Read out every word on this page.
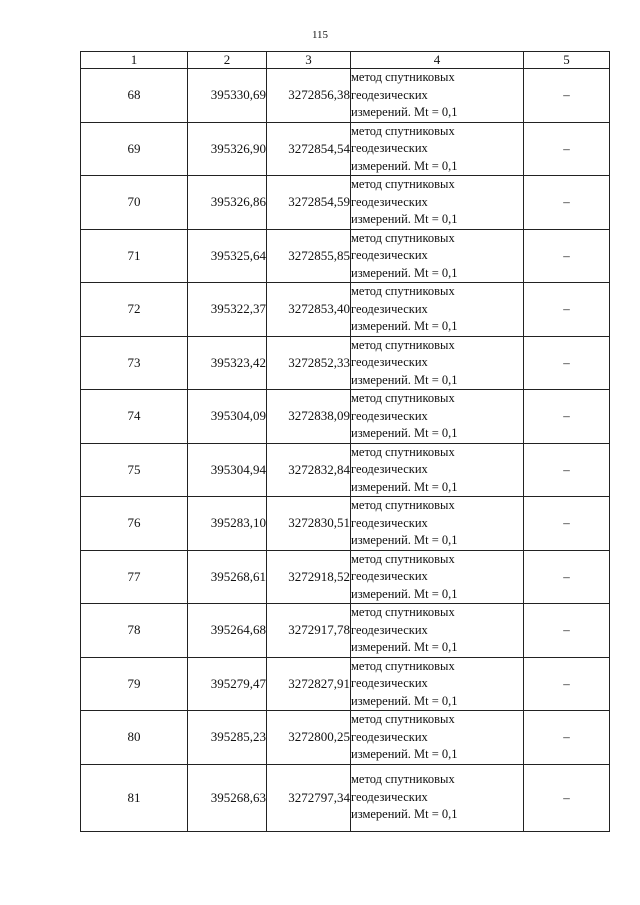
115
1	2	3	4	5
68	395330,69	3272856,38	метод спутниковых
геодезических
измерений. Mt = 0,1	–
69	395326,90	3272854,54	метод спутниковых
геодезических
измерений. Mt = 0,1	–
70	395326,86	3272854,59	метод спутниковых
геодезических
измерений. Mt = 0,1	–
71	395325,64	3272855,85	метод спутниковых
геодезических
измерений. Mt = 0,1	–
72	395322,37	3272853,40	метод спутниковых
геодезических
измерений. Mt = 0,1	–
73	395323,42	3272852,33	метод спутниковых
геодезических
измерений. Mt = 0,1	–
74	395304,09	3272838,09	метод спутниковых
геодезических
измерений. Mt = 0,1	–
75	395304,94	3272832,84	метод спутниковых
геодезических
измерений. Mt = 0,1	–
76	395283,10	3272830,51	метод спутниковых
геодезических
измерений. Mt = 0,1	–
77	395268,61	3272918,52	метод спутниковых
геодезических
измерений. Mt = 0,1	–
78	395264,68	3272917,78	метод спутниковых
геодезических
измерений. Mt = 0,1	–
79	395279,47	3272827,91	метод спутниковых
геодезических
измерений. Mt = 0,1	–
80	395285,23	3272800,25	метод спутниковых
геодезических
измерений. Mt = 0,1	–
81	395268,63	3272797,34	метод спутниковых
геодезических
измерений. Mt = 0,1	–
